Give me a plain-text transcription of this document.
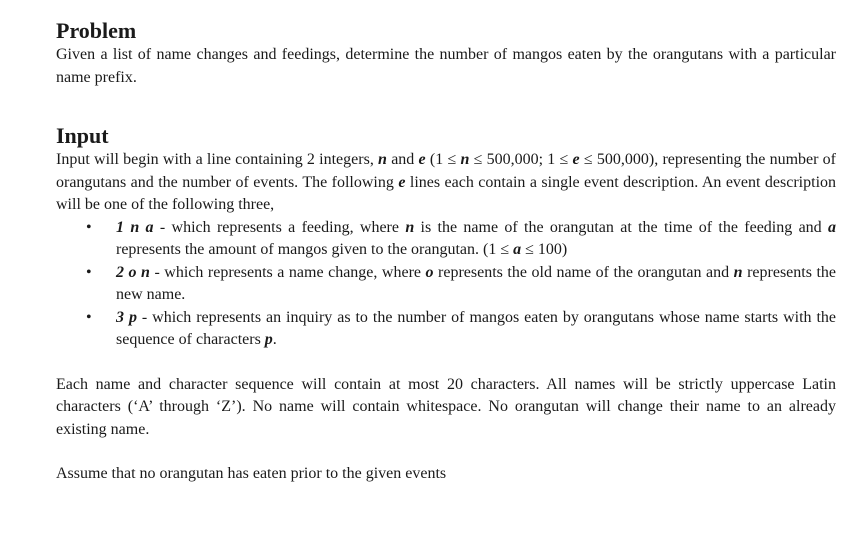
Problem

Given a list of name changes and feedings, determine the number of mangos eaten by the orangutans with a particular name prefix.

Input

Input will begin with a line containing 2 integers, n and e (1 ≤ n ≤ 500,000; 1 ≤ e ≤ 500,000), representing the number of orangutans and the number of events. The following e lines each contain a single event description. An event description will be one of the following three,

• 1 n a - which represents a feeding, where n is the name of the orangutan at the time of the feeding and a represents the amount of mangos given to the orangutan. (1 ≤ a ≤ 100)
• 2 o n - which represents a name change, where o represents the old name of the orangutan and n represents the new name.
• 3 p - which represents an inquiry as to the number of mangos eaten by orangutans whose name starts with the sequence of characters p.

Each name and character sequence will contain at most 20 characters. All names will be strictly uppercase Latin characters (‘A’ through ‘Z’). No name will contain whitespace. No orangutan will change their name to an already existing name.

Assume that no orangutan has eaten prior to the given events
